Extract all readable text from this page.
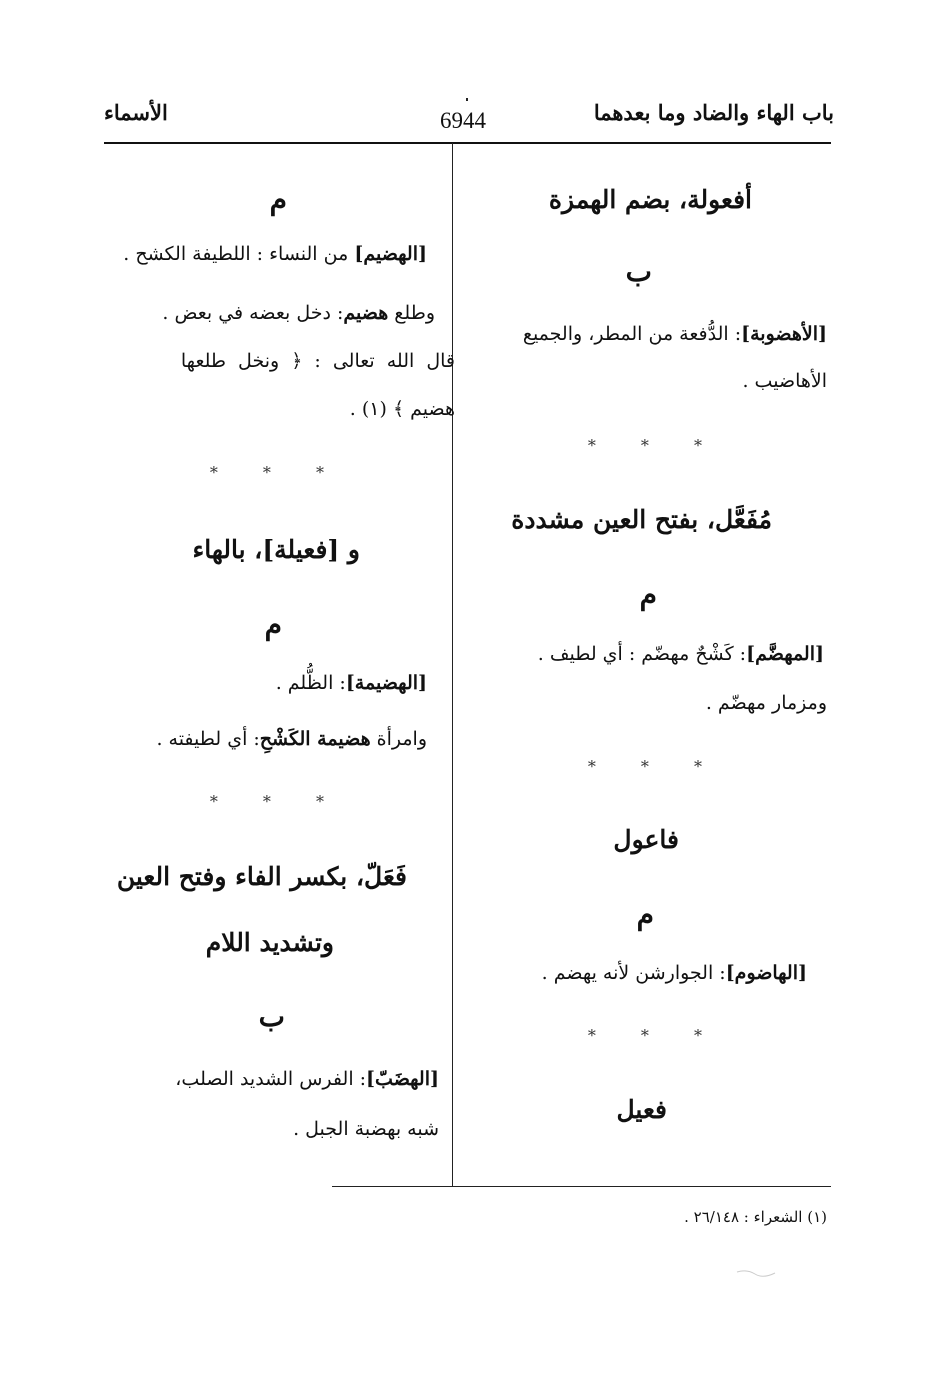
باب الهاء والضاد وما بعدهما
6944
الأسماء
أفعولة، بضم الهمزة
ب
[الأهضوبة]: الدُّفعة من المطر، والجميع
الأهاضيب .
* * *
مُفَعَّل، بفتح العين مشددة
م
[المهضَّم]: كَشْحٌ مهضّم : أي لطيف .
ومزمار مهضّم .
* * *
فاعول
م
[الهاضوم]: الجوارشن لأنه يهضم .
* * *
فعيل
م
[الهضيم] من النساء : اللطيفة الكشح .
وطلع هضيم: دخل بعضه في بعض .
قال الله تعالى : ﴿ ونخل طلعها
هضيم ﴾ (١) .
* * *
و [فعيلة]، بالهاء
م
[الهضيمة]: الظُّلم .
وامرأة هضيمة الكَشْحِ: أي لطيفته .
* * *
فَعَلّ، بكسر الفاء وفتح العين
وتشديد اللام
ب
[الهضَبّ]: الفرس الشديد الصلب،
شبه بهضبة الجبل .
(١) الشعراء : ٢٦/١٤٨ .
